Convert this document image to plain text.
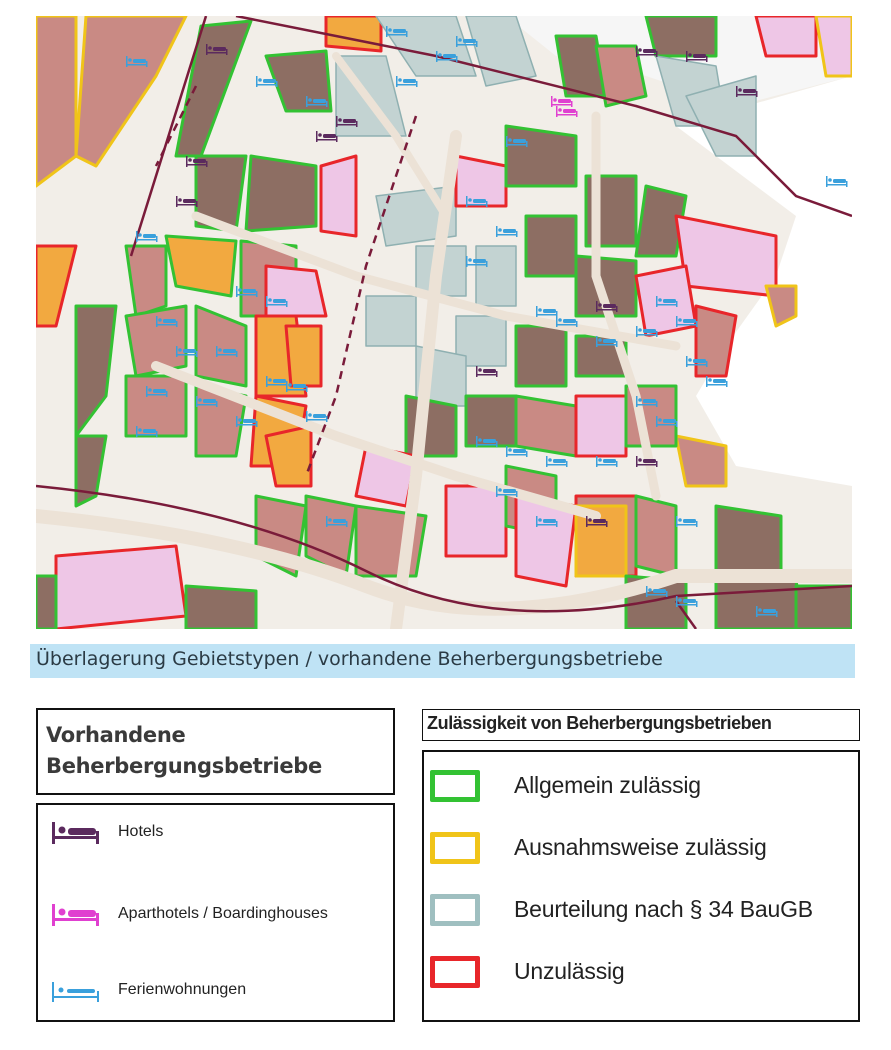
Überlagerung Gebietstypen / vorhandene Beherbergungsbetriebe
Vorhandene
Beherbergungsbetriebe
Hotels
Aparthotels / Boardinghouses
Ferienwohnungen
Zulässigkeit von Beherbergungsbetrieben
Allgemein zulässig
Ausnahmsweise zulässig
Beurteilung nach § 34 BauGB
Unzulässig
